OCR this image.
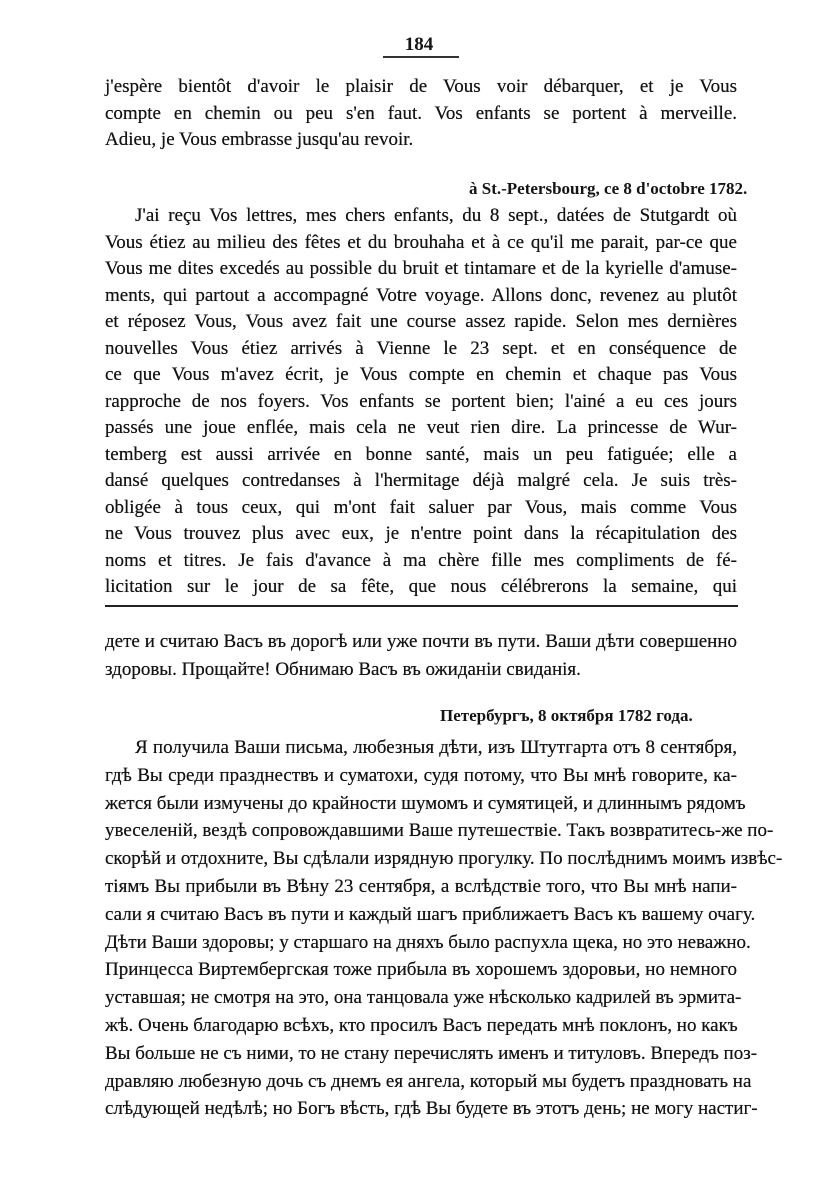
184
j'espère bientôt d'avoir le plaisir de Vous voir débarquer, et je Vous
compte en chemin ou peu s'en faut. Vos enfants se portent à merveille.
Adieu, je Vous embrasse jusqu'au revoir.
à St.-Petersbourg, ce 8 d'octobre 1782.
J'ai reçu Vos lettres, mes chers enfants, du 8 sept., datées de Stutgardt où
Vous étiez au milieu des fêtes et du brouhaha et à ce qu'il me parait, par-ce que
Vous me dites excedés au possible du bruit et tintamare et de la kyrielle d'amuse-
ments, qui partout a accompagné Votre voyage. Allons donc, revenez au plutôt
et réposez Vous, Vous avez fait une course assez rapide. Selon mes dernières
nouvelles Vous étiez arrivés à Vienne le 23 sept. et en conséquence de
ce que Vous m'avez écrit, je Vous compte en chemin et chaque pas Vous
rapproche de nos foyers. Vos enfants se portent bien; l'ainé a eu ces jours
passés une joue enflée, mais cela ne veut rien dire. La princesse de Wur-
temberg est aussi arrivée en bonne santé, mais un peu fatiguée; elle a
dansé quelques contredanses à l'hermitage déjà malgré cela. Je suis très-
obligée à tous ceux, qui m'ont fait saluer par Vous, mais comme Vous
ne Vous trouvez plus avec eux, je n'entre point dans la récapitulation des
noms et titres. Je fais d'avance à ma chère fille mes compliments de fé-
licitation sur le jour de sa fête, que nous célébrerons la semaine, qui
дете и считаю Васъ въ дорогѣ или уже почти въ пути. Ваши дѣти совершенно
здоровы. Прощайте! Обнимаю Васъ въ ожиданіи свиданія.
Петербургъ, 8 октября 1782 года.
Я получила Ваши письма, любезныя дѣти, изъ Штутгарта отъ 8 сентября,
гдѣ Вы среди празднествъ и суматохи, судя потому, что Вы мнѣ говорите, ка-
жется были измучены до крайности шумомъ и сумятицей, и длиннымъ рядомъ
увеселеній, вездѣ сопровождавшими Ваше путешествіе. Такъ возвратитесь-же по-
скорѣй и отдохните, Вы сдѣлали изрядную прогулку. По послѣднимъ моимъ извѣс-
тіямъ Вы прибыли въ Вѣну 23 сентября, а вслѣдствіе того, что Вы мнѣ напи-
сали я считаю Васъ въ пути и каждый шагъ приближаетъ Васъ къ вашему очагу.
Дѣти Ваши здоровы; у старшаго на дняхъ было распухла щека, но это неважно.
Принцесса Виртембергская тоже прибыла въ хорошемъ здоровьи, но немного
уставшая; не смотря на это, она танцовала уже нѣсколько кадрилей въ эрмита-
жѣ. Очень благодарю всѣхъ, кто просилъ Васъ передать мнѣ поклонъ, но какъ
Вы больше не съ ними, то не стану перечислять именъ и титуловъ. Впередъ поз-
дравляю любезную дочь съ днемъ ея ангела, который мы будетъ праздновать на
слѣдующей недѣлѣ; но Богъ вѣсть, гдѣ Вы будете въ этотъ день; не могу настиг-
